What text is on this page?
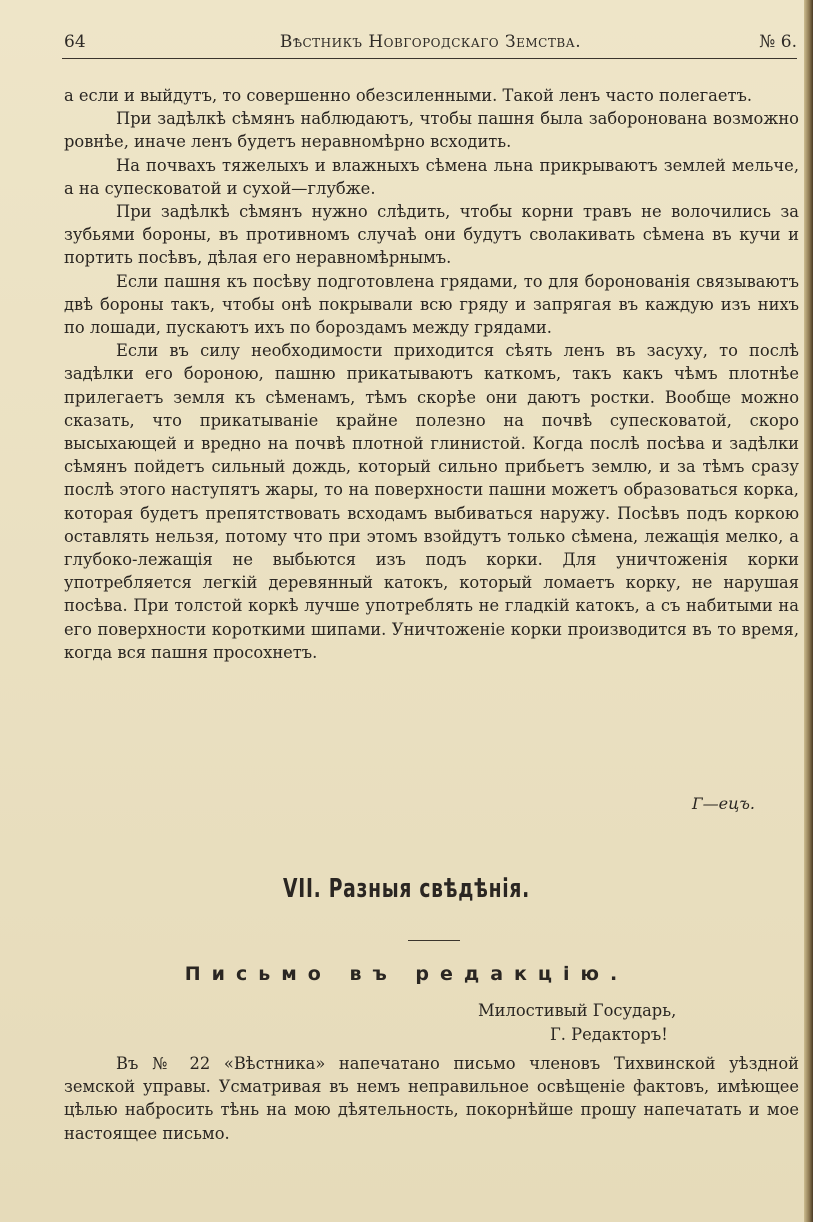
64	Вѣстникъ Новгородскаго Земства.	№ 6.

а если и выйдутъ, то совершенно обезсиленными. Такой ленъ часто полегаетъ.

При задѣлкѣ сѣмянъ наблюдаютъ, чтобы пашня была заборонована возможно ровнѣе, иначе ленъ будетъ неравномѣрно всходить.

На почвахъ тяжелыхъ и влажныхъ сѣмена льна прикрываютъ землей мельче, а на супесковатой и сухой—глубже.

При задѣлкѣ сѣмянъ нужно слѣдить, чтобы корни травъ не волочились за зубьями бороны, въ противномъ случаѣ они будутъ сволакивать сѣмена въ кучи и портить посѣвъ, дѣлая его неравномѣрнымъ.

Если пашня къ посѣву подготовлена грядами, то для боронованія связываютъ двѣ бороны такъ, чтобы онѣ покрывали всю гряду и запрягая въ каждую изъ нихъ по лошади, пускаютъ ихъ по бороздамъ между грядами.

Если въ силу необходимости приходится сѣять ленъ въ засуху, то послѣ задѣлки его бороною, пашню прикатываютъ каткомъ, такъ какъ чѣмъ плотнѣе прилегаетъ земля къ сѣменамъ, тѣмъ скорѣе они даютъ ростки. Вообще можно сказать, что прикатываніе крайне полезно на почвѣ супесковатой, скоро высыхающей и вредно на почвѣ плотной глинистой. Когда послѣ посѣва и задѣлки сѣмянъ пойдетъ сильный дождь, который сильно прибьетъ землю, и за тѣмъ сразу послѣ этого наступятъ жары, то на поверхности пашни можетъ образоваться корка, которая будетъ препятствовать всходамъ выбиваться наружу. Посѣвъ подъ коркою оставлять нельзя, потому что при этомъ взойдутъ только сѣмена, лежащія мелко, а глубоко-лежащія не выбьются изъ подъ корки. Для уничтоженія корки употребляется легкій деревянный катокъ, который ломаетъ корку, не нарушая посѣва. При толстой коркѣ лучше употреблять не гладкій катокъ, а съ набитыми на его поверхности короткими шипами. Уничтоженіе корки производится въ то время, когда вся пашня просохнетъ.

Г—ецъ.
VII. Разныя свѣдѣнія.
Письмо въ редакцію.
Милостивый Государь,
Г. Редакторъ!

Въ № 22 «Вѣстника» напечатано письмо членовъ Тихвинской уѣздной земской управы. Усматривая въ немъ неправильное освѣщеніе фактовъ, имѣющее цѣлью набросить тѣнь на мою дѣятельность, покорнѣйше прошу напечатать и мое настоящее письмо.
